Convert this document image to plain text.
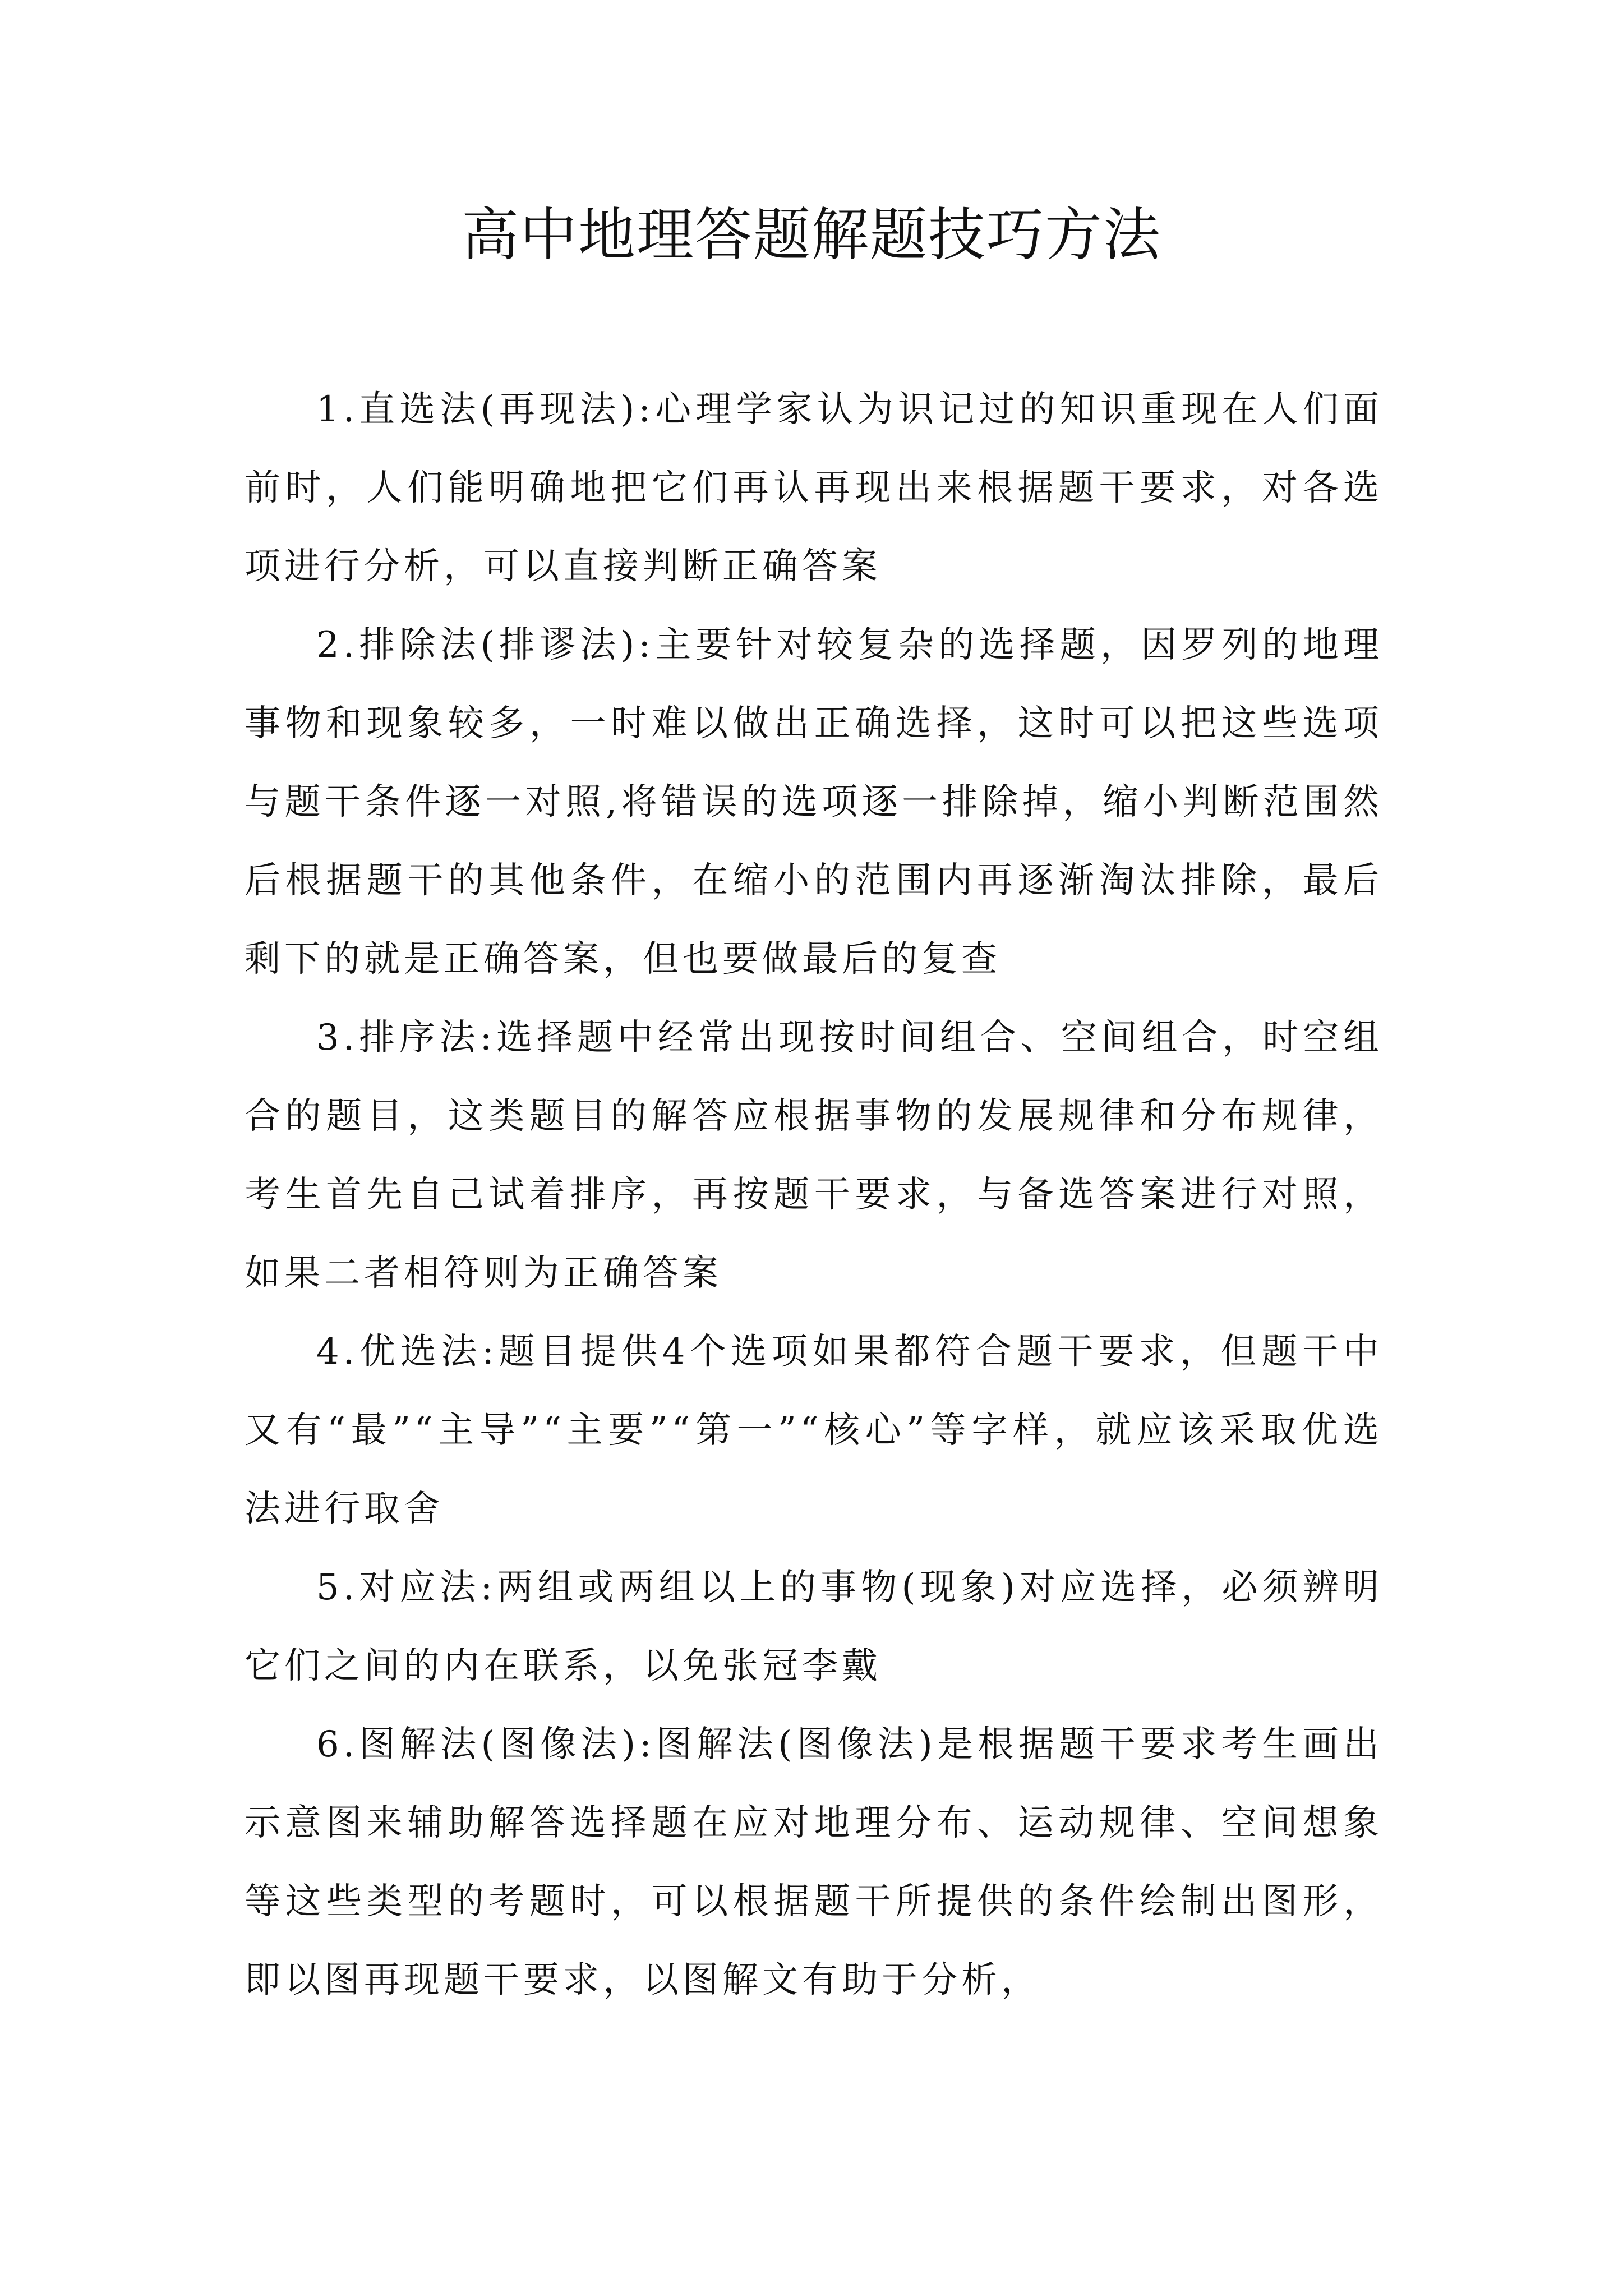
高中地理答题解题技巧方法

1.直选法(再现法):心理学家认为识记过的知识重现在人们面前时，人们能明确地把它们再认再现出来根据题干要求，对各选项进行分析，可以直接判断正确答案

2.排除法(排谬法):主要针对较复杂的选择题，因罗列的地理事物和现象较多，一时难以做出正确选择，这时可以把这些选项与题干条件逐一对照,将错误的选项逐一排除掉，缩小判断范围然后根据题干的其他条件，在缩小的范围内再逐渐淘汰排除，最后剩下的就是正确答案，但也要做最后的复查

3.排序法:选择题中经常出现按时间组合、空间组合，时空组合的题目，这类题目的解答应根据事物的发展规律和分布规律，考生首先自己试着排序，再按题干要求，与备选答案进行对照，如果二者相符则为正确答案

4.优选法:题目提供4个选项如果都符合题干要求，但题干中又有“最”“主导”“主要”“第一”“核心”等字样，就应该采取优选法进行取舍

5.对应法:两组或两组以上的事物(现象)对应选择，必须辨明它们之间的内在联系，以免张冠李戴

6.图解法(图像法):图解法(图像法)是根据题干要求考生画出示意图来辅助解答选择题在应对地理分布、运动规律、空间想象等这些类型的考题时，可以根据题干所提供的条件绘制出图形，即以图再现题干要求，以图解文有助于分析，
